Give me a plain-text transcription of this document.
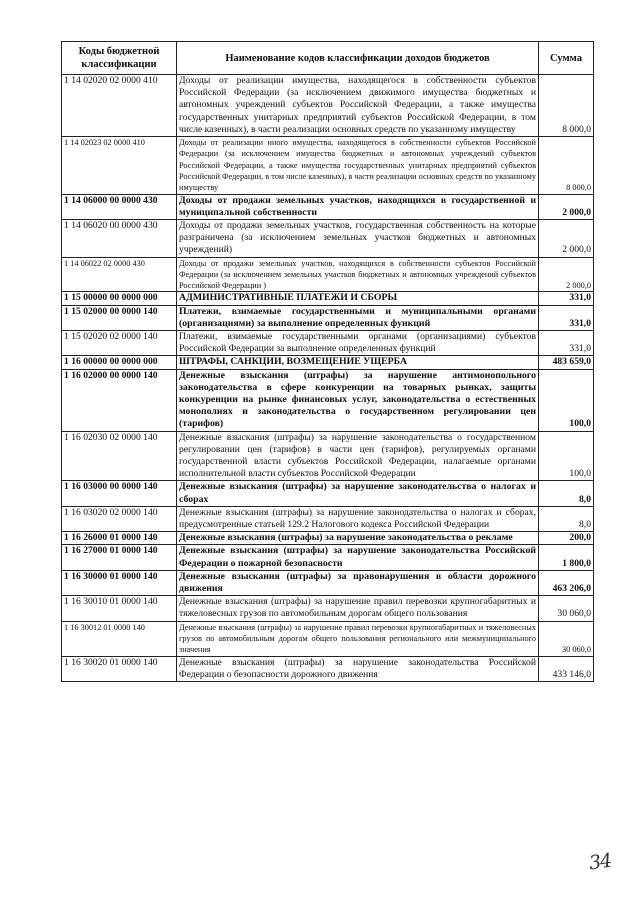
Коды бюджетной классификации	Наименование кодов классификации доходов бюджетов	Сумма
1 14 02020 02 0000 410	Доходы от реализации имущества, находящегося в собственности субъектов Российской Федерации (за исключением движимого имущества бюджетных и автономных учреждений субъектов Российской Федерации, а также имущества государственных унитарных предприятий субъектов Российской Федерации, в том числе казенных), в части реализации основных средств по указанному имуществу	8 000,0
1 14 02023 02 0000 410	Доходы от реализации иного имущества, находящегося в собственности субъектов Российской Федерации (за исключением имущества бюджетных и автономных учреждений субъектов Российской Федерации, а также имущества государственных унитарных предприятий субъектов Российской Федерации, в том числе казенных), в части реализации основных средств по указанному имуществу	8 000,0
1 14 06000 00 0000 430	Доходы от продажи земельных участков, находящихся в государственной и муниципальной собственности	2 000,0
1 14 06020 00 0000 430	Доходы от продажи земельных участков, государственная собственность на которые разграничена (за исключением земельных участков бюджетных и автономных учреждений)	2 000,0
1 14 06022 02 0000 430	Доходы от продажи земельных участков, находящихся в собственности субъектов Российской Федерации (за исключением земельных участков бюджетных и автономных учреждений субъектов Российской Федерации )	2 000,0
1 15 00000 00 0000 000	АДМИНИСТРАТИВНЫЕ ПЛАТЕЖИ И СБОРЫ	331,0
1 15 02000 00 0000 140	Платежи, взимаемые государственными и муниципальными органами (организациями) за выполнение определенных функций	331,0
1 15 02020 02 0000 140	Платежи, взимаемые государственными органами (организациями) субъектов Российской Федерации за выполнение определенных функций	331,0
1 16 00000 00 0000 000	ШТРАФЫ, САНКЦИИ, ВОЗМЕЩЕНИЕ УЩЕРБА	483 659,0
1 16 02000 00 0000 140	Денежные взыскания (штрафы) за нарушение антимонопольного законодательства в сфере конкуренции на товарных рынках, защиты конкуренции на рынке финансовых услуг, законодательства о естественных монополиях и законодательства о государственном регулировании цен (тарифов)	100,0
1 16 02030 02 0000 140	Денежные взыскания (штрафы) за нарушение законодательства о государственном регулировании цен (тарифов) в части цен (тарифов), регулируемых органами государственной власти субъектов Российской Федерации, налагаемые органами исполнительной власти субъектов Российской Федерации	100,0
1 16 03000 00 0000 140	Денежные взыскания (штрафы) за нарушение законодательства о налогах и сборах	8,0
1 16 03020 02 0000 140	Денежные взыскания (штрафы) за нарушение законодательства о налогах и сборах, предусмотренные статьей 129.2 Налогового кодекса Российской Федерации	8,0
1 16 26000 01 0000 140	Денежные взыскания (штрафы) за нарушение законодательства о рекламе	200,0
1 16 27000 01 0000 140	Денежные взыскания (штрафы) за нарушение законодательства Российской Федерации о пожарной безопасности	1 800,0
1 16 30000 01 0000 140	Денежные взыскания (штрафы) за правонарушения в области дорожного движения	463 206,0
1 16 30010 01 0000 140	Денежные взыскания (штрафы) за нарушение правил перевозки крупногабаритных и тяжеловесных грузов по автомобильным дорогам общего пользования	30 060,0
1 16 30012 01 0000 140	Денежные взыскания (штрафы) за нарушение правил перевозки крупногабаритных и тяжеловесных грузов по автомобильным дорогам общего пользования регионального или межмуниципального значения	30 060,0
1 16 30020 01 0000 140	Денежные взыскания (штрафы) за нарушение законодательства Российской Федерации о безопасности дорожного движения	433 146,0
34
